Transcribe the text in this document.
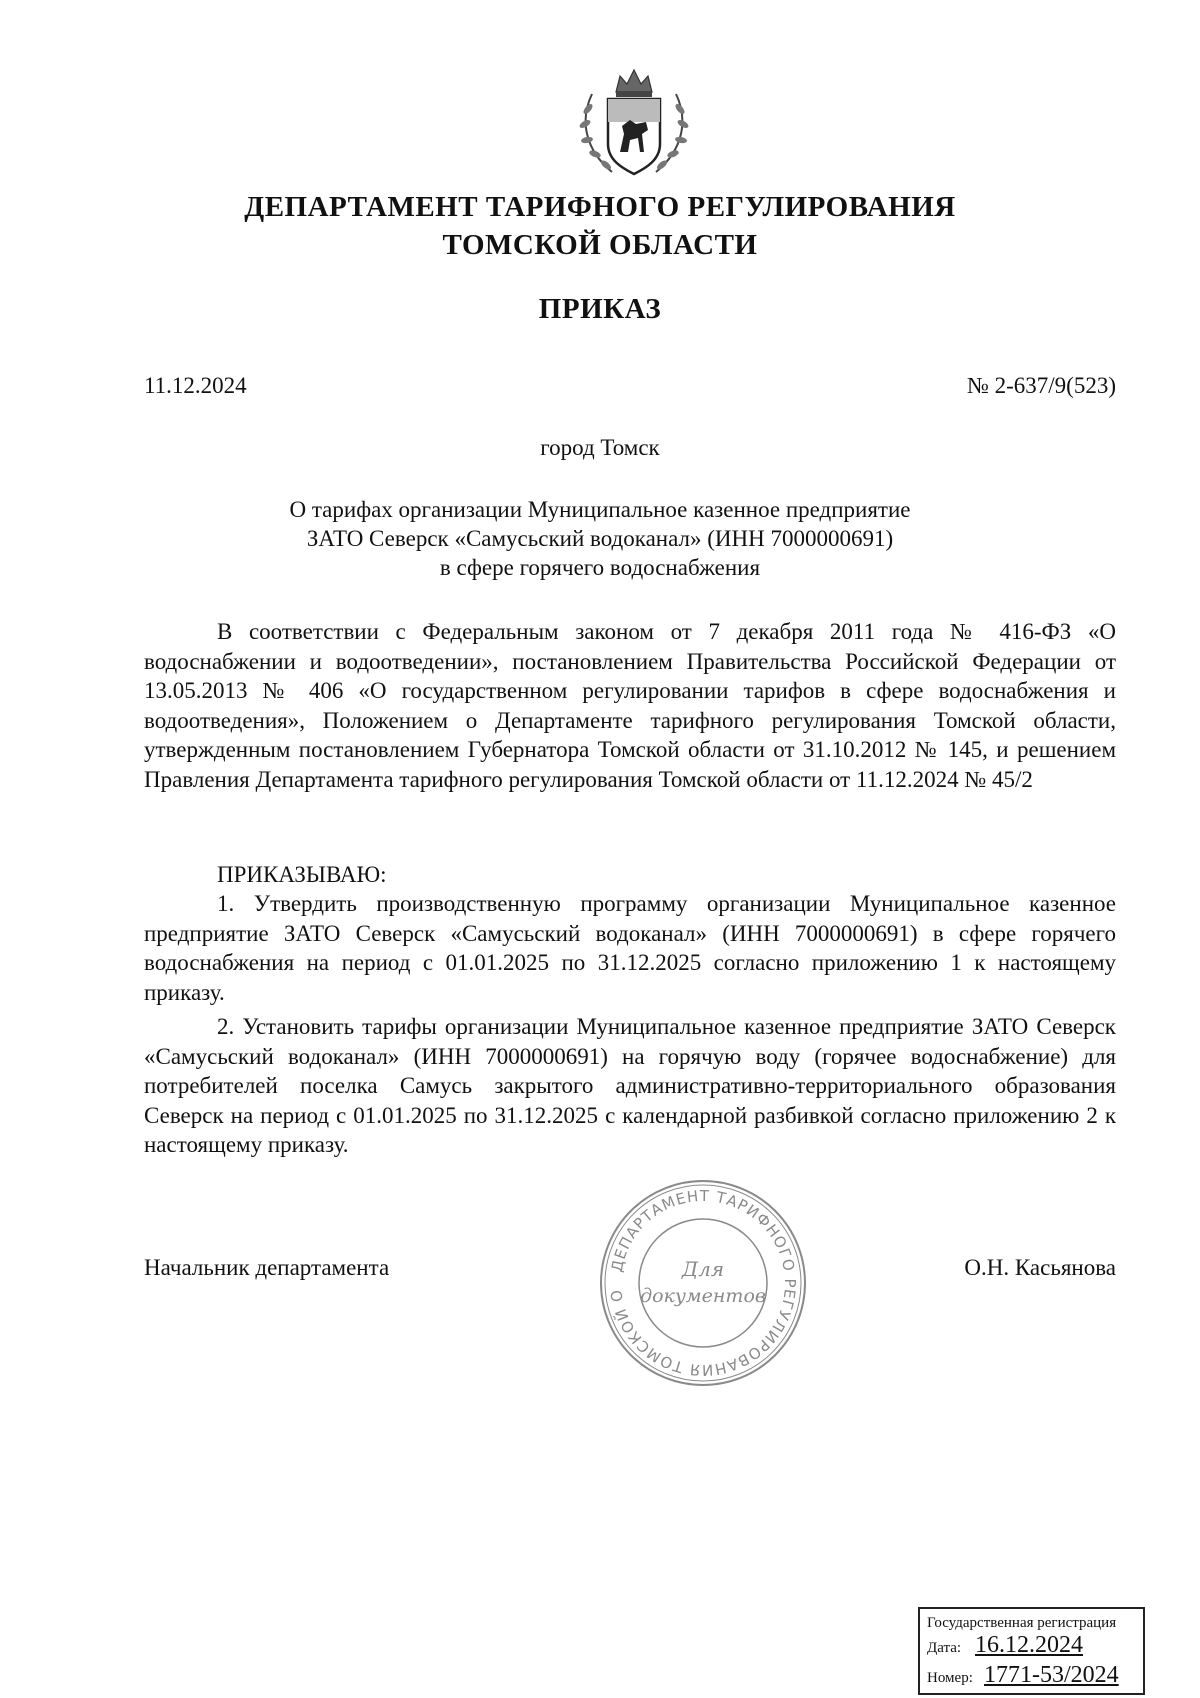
ДЕПАРТАМЕНТ ТАРИФНОГО РЕГУЛИРОВАНИЯ
ТОМСКОЙ ОБЛАСТИ
ПРИКАЗ
11.12.2024	№ 2-637/9(523)
город Томск
О тарифах организации Муниципальное казенное предприятие
ЗАТО Северск «Самусьский водоканал» (ИНН 7000000691)
в сфере горячего водоснабжения
В соответствии с Федеральным законом от 7 декабря 2011 года № 416-ФЗ «О водоснабжении и водоотведении», постановлением Правительства Российской Федерации от 13.05.2013 № 406 «О государственном регулировании тарифов в сфере водоснабжения и водоотведения», Положением о Департаменте тарифного регулирования Томской области, утвержденным постановлением Губернатора Томской области от 31.10.2012 № 145, и решением Правления Департамента тарифного регулирования Томской области от 11.12.2024 № 45/2
ПРИКАЗЫВАЮ:
1. Утвердить производственную программу организации Муниципальное казенное предприятие ЗАТО Северск «Самусьский водоканал» (ИНН 7000000691) в сфере горячего водоснабжения на период с 01.01.2025 по 31.12.2025 согласно приложению 1 к настоящему приказу.
2. Установить тарифы организации Муниципальное казенное предприятие ЗАТО Северск «Самусьский водоканал» (ИНН 7000000691) на горячую воду (горячее водоснабжение) для потребителей поселка Самусь закрытого административно-территориального образования Северск на период с 01.01.2025 по 31.12.2025 с календарной разбивкой согласно приложению 2 к настоящему приказу.
Начальник департамента	О.Н. Касьянова
ДЕПАРТАМЕНТ ТАРИФНОГО РЕГУЛИРОВАНИЯ ТОМСКОЙ О
Для
документов
Государственная регистрация
Дата: 16.12.2024
Номер: 1771-53/2024
